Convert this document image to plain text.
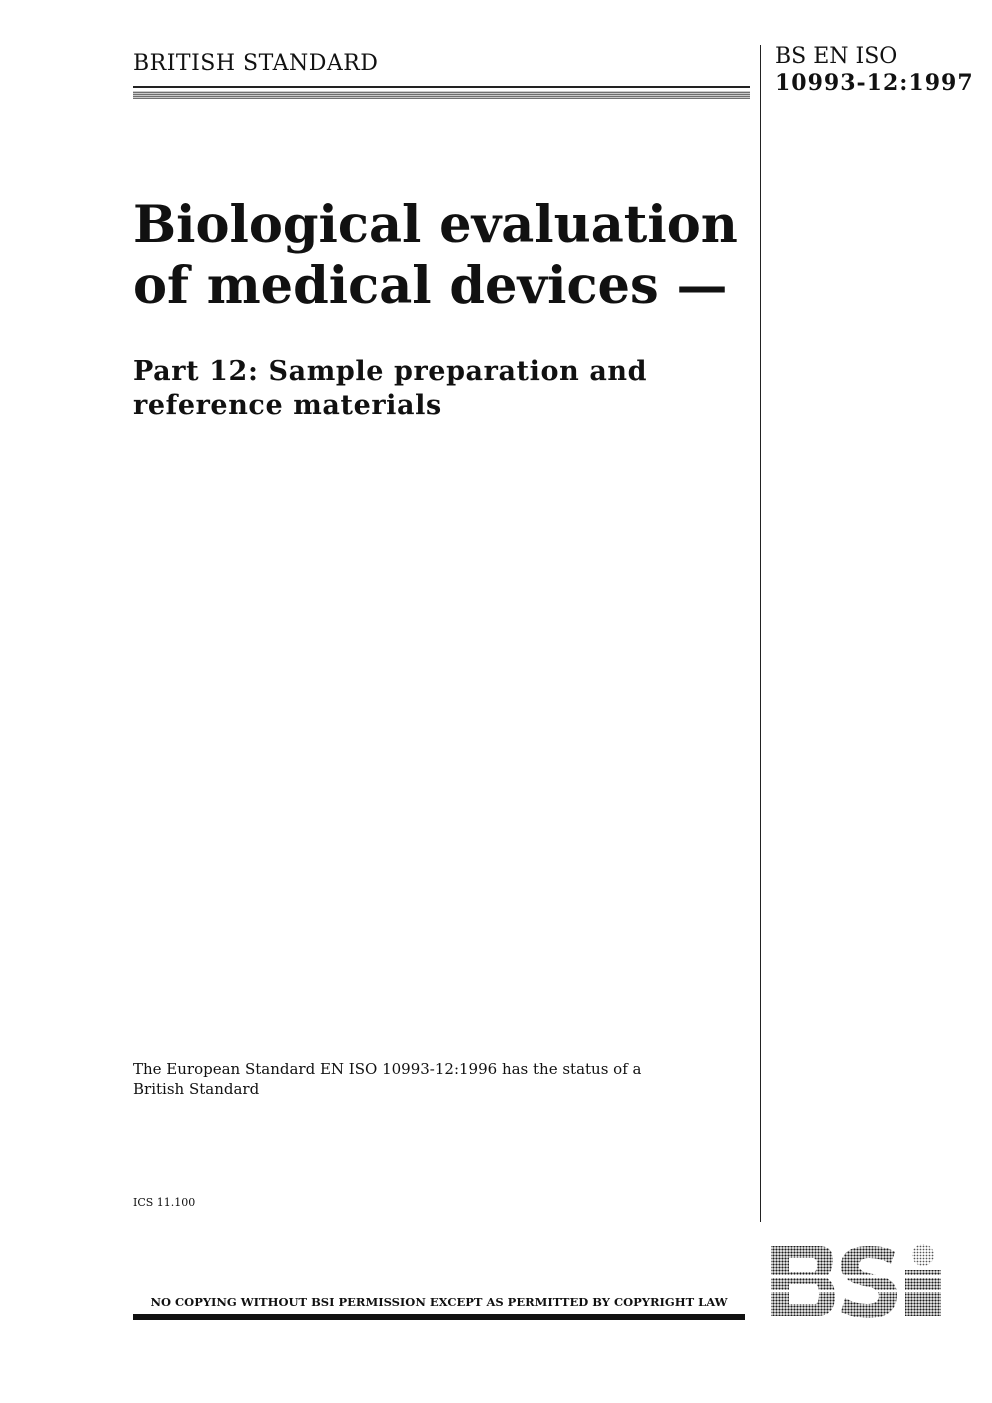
BRITISH STANDARD	BS EN ISO
10993-12:1997
Biological evaluation of medical devices —
Part 12: Sample preparation and reference materials
The European Standard EN ISO 10993-12:1996 has the status of a British Standard
ICS 11.100
NO COPYING WITHOUT BSI PERMISSION EXCEPT AS PERMITTED BY COPYRIGHT LAW
